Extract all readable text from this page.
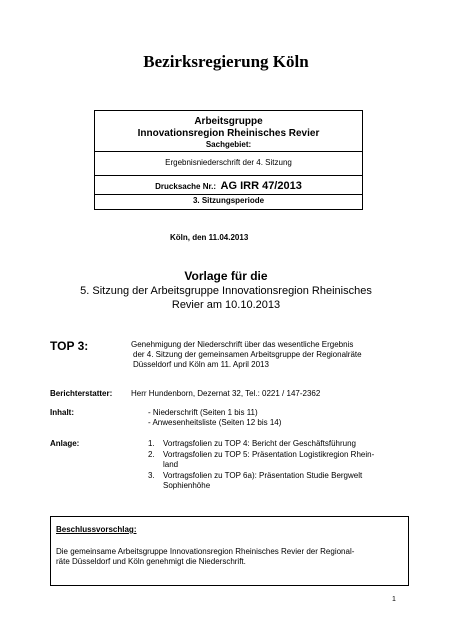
Bezirksregierung Köln
Arbeitsgruppe
Innovationsregion Rheinisches Revier
Sachgebiet:
Ergebnisniederschrift der 4. Sitzung
Drucksache Nr.: AG IRR 47/2013
3. Sitzungsperiode
Köln, den 11.04.2013
Vorlage für die
5. Sitzung der Arbeitsgruppe Innovationsregion Rheinisches
Revier am 10.10.2013
TOP 3:	Genehmigung der Niederschrift über das wesentliche Ergebnis
der 4. Sitzung der gemeinsamen Arbeitsgruppe der Regionalräte
Düsseldorf und Köln am 11. April 2013
Berichterstatter: Herr Hundenborn, Dezernat 32, Tel.: 0221 / 147-2362
Inhalt:	- Niederschrift (Seiten 1 bis 11)
- Anwesenheitsliste (Seiten 12 bis 14)
Anlage:	1. Vortragsfolien zu TOP 4: Bericht der Geschäftsführung
2. Vortragsfolien zu TOP 5: Präsentation Logistikregion Rhein-
land
3. Vortragsfolien zu TOP 6a): Präsentation Studie Bergwelt
Sophienhöhe
Beschlussvorschlag:
Die gemeinsame Arbeitsgruppe Innovationsregion Rheinisches Revier der Regional-
räte Düsseldorf und Köln genehmigt die Niederschrift.
1
